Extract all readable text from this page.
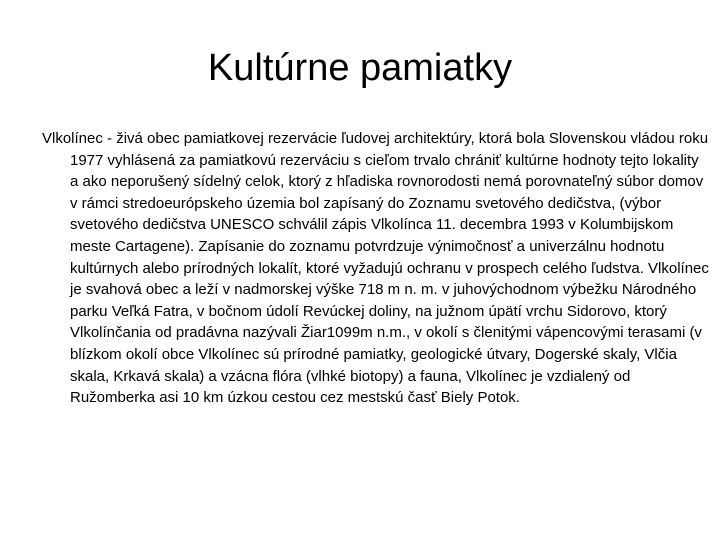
Kultúrne pamiatky

Vlkolínec - živá obec pamiatkovej rezervácie ľudovej architektúry, ktorá bola Slovenskou vládou roku 1977 vyhlásená za pamiatkovú rezerváciu s cieľom trvalo chrániť kultúrne hodnoty tejto lokality a ako neporušený sídelný celok, ktorý z hľadiska rovnorodosti nemá porovnateľný súbor domov v rámci stredoeurópskeho územia bol zapísaný do Zoznamu svetového dedičstva, (výbor svetového dedičstva UNESCO schválil zápis Vlkolínca 11. decembra 1993 v Kolumbijskom meste Cartagene). Zapísanie do zoznamu potvrdzuje výnimočnosť a univerzálnu hodnotu kultúrnych alebo prírodných lokalít, ktoré vyžadujú ochranu v prospech celého ľudstva. Vlkolínec je svahová obec a leží v nadmorskej výške 718 m n. m. v juhovýchodnom výbežku Národného parku Veľká Fatra, v bočnom údolí Revúckej doliny, na južnom úpätí vrchu Sidorovo, ktorý Vlkolínčania od pradávna nazývali Žiar1099m n.m., v okolí s členitými vápencovými terasami (v blízkom okolí obce Vlkolínec sú prírodné pamiatky, geologické útvary, Dogerské skaly, Vlčia skala, Krkavá skala) a vzácna flóra (vlhké biotopy) a fauna, Vlkolínec je vzdialený od Ružomberka asi 10 km úzkou cestou cez mestskú časť Biely Potok.
